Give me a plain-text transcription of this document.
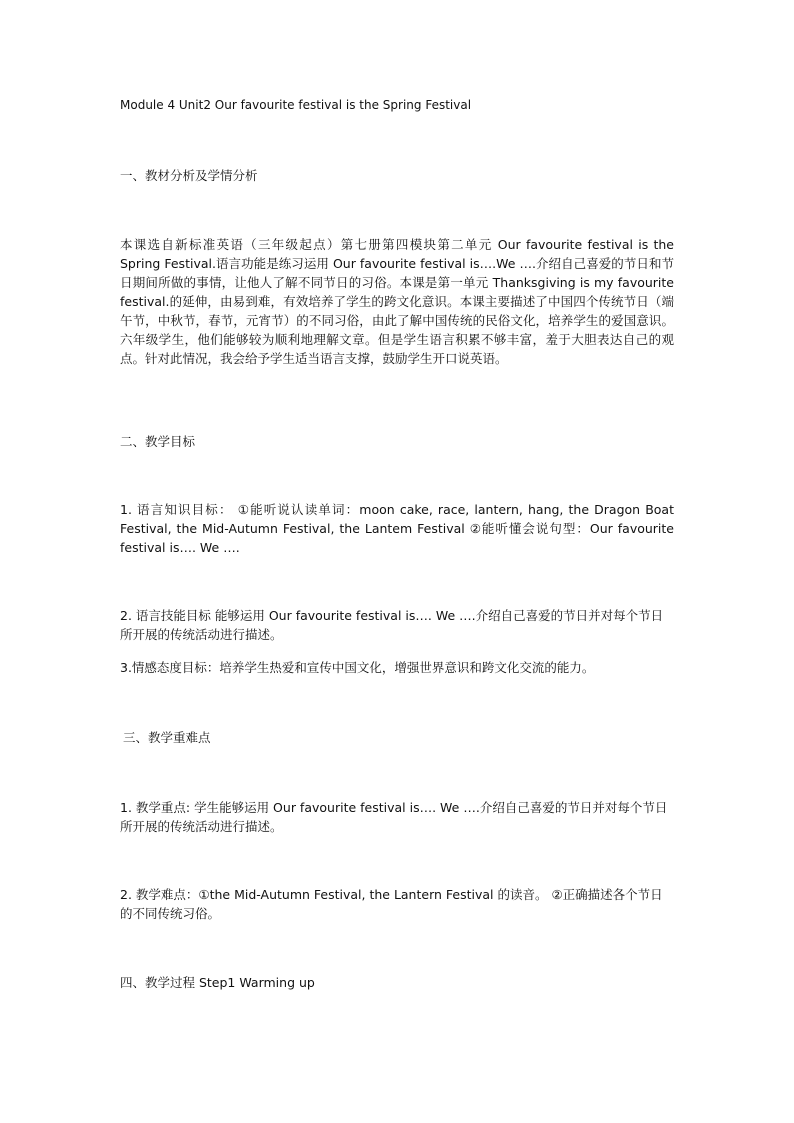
Module 4 Unit2 Our favourite festival is the Spring Festival

一、教材分析及学情分析

本课选自新标准英语（三年级起点）第七册第四模块第二单元 Our favourite festival is the Spring Festival.语言功能是练习运用 Our favourite festival is….We ….介绍自己喜爱的节日和节日期间所做的事情，让他人了解不同节日的习俗。本课是第一单元 Thanksgiving is my favourite festival.的延伸，由易到难，有效培养了学生的跨文化意识。本课主要描述了中国四个传统节日（端午节，中秋节，春节，元宵节）的不同习俗，由此了解中国传统的民俗文化，培养学生的爱国意识。 六年级学生，他们能够较为顺利地理解文章。但是学生语言积累不够丰富，羞于大胆表达自己的观点。针对此情况，我会给予学生适当语言支撑，鼓励学生开口说英语。

二、教学目标

1. 语言知识目标： ①能听说认读单词：moon cake, race, lantern, hang, the Dragon Boat Festival, the Mid-Autumn Festival, the Lantem Festival ②能听懂会说句型：Our favourite festival is…. We ….

2. 语言技能目标 能够运用 Our favourite festival is…. We ….介绍自己喜爱的节日并对每个节日所开展的传统活动进行描述。

3.情感态度目标：培养学生热爱和宣传中国文化，增强世界意识和跨文化交流的能力。

三、教学重难点

1. 教学重点: 学生能够运用 Our favourite festival is…. We ….介绍自己喜爱的节日并对每个节日所开展的传统活动进行描述。

2. 教学难点：①the Mid-Autumn Festival, the Lantern Festival 的读音。 ②正确描述各个节日的不同传统习俗。

四、教学过程 Step1 Warming up
